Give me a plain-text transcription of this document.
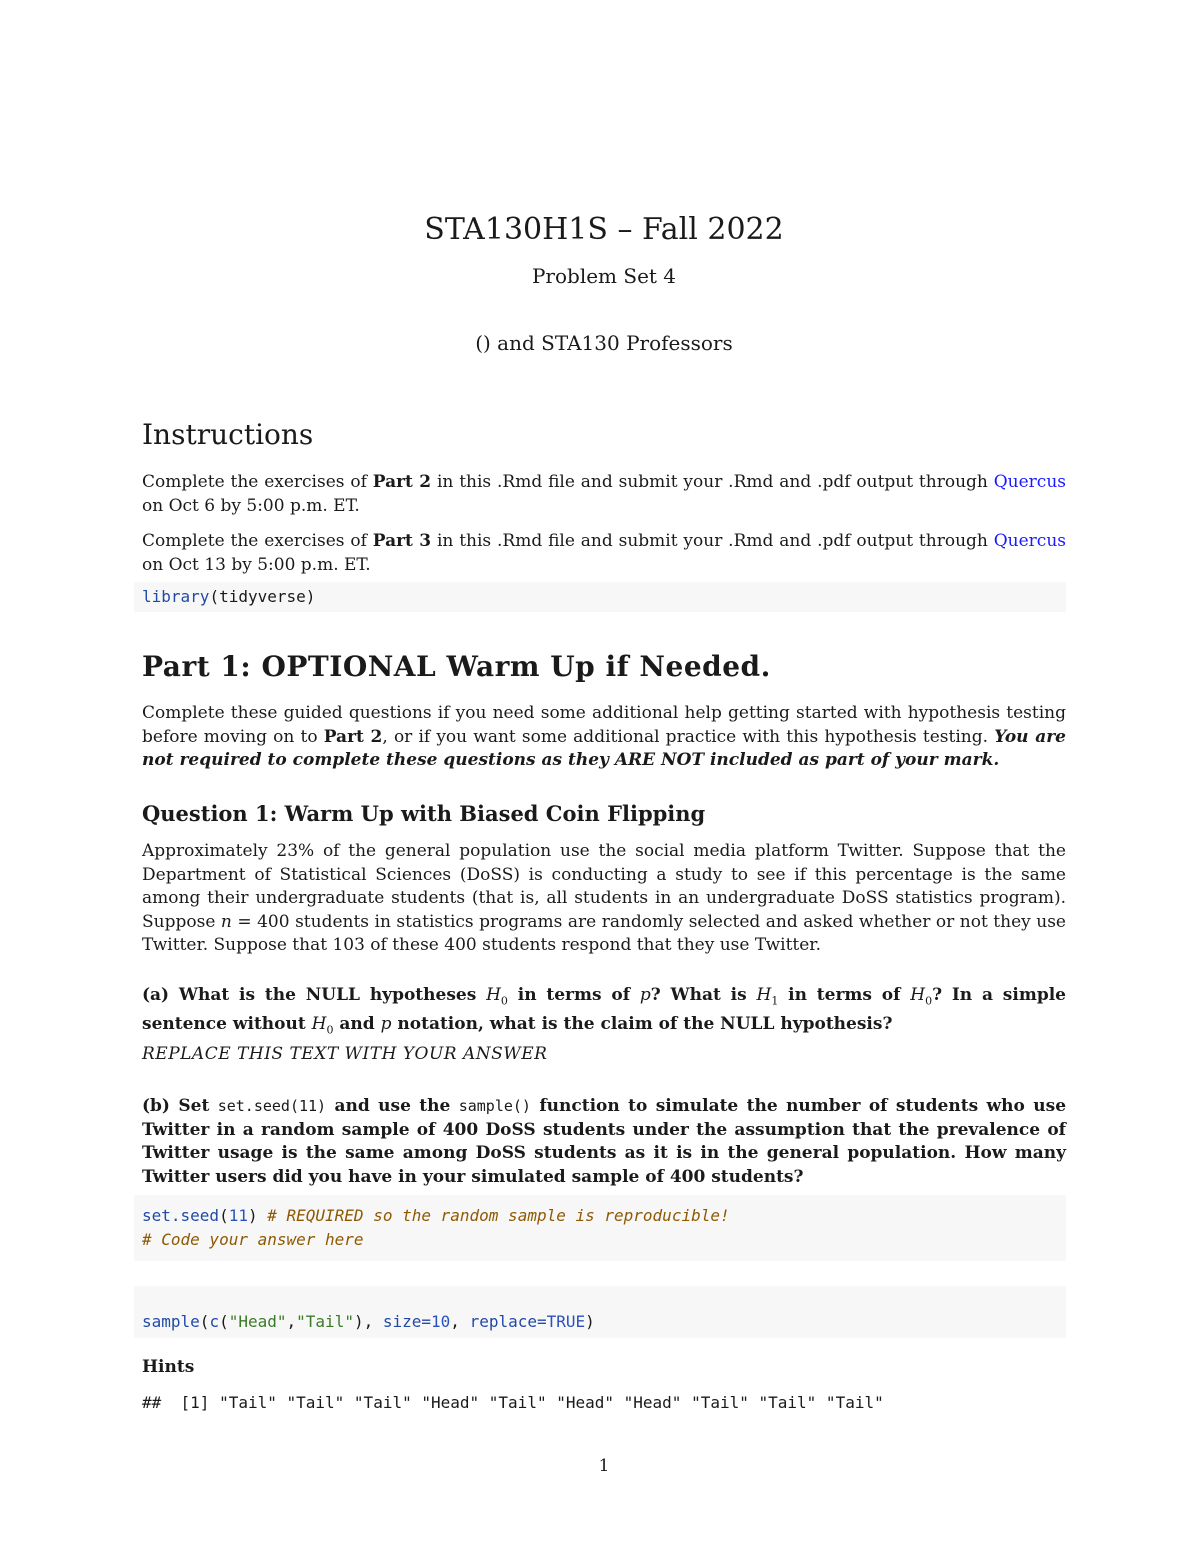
STA130H1S – Fall 2022
Problem Set 4
() and STA130 Professors
Instructions

Complete the exercises of Part 2 in this .Rmd file and submit your .Rmd and .pdf output through Quercus on Oct 6 by 5:00 p.m. ET.

Complete the exercises of Part 3 in this .Rmd file and submit your .Rmd and .pdf output through Quercus on Oct 13 by 5:00 p.m. ET.

library(tidyverse)
Part 1: OPTIONAL Warm Up if Needed.

Complete these guided questions if you need some additional help getting started with hypothesis testing before moving on to Part 2, or if you want some additional practice with this hypothesis testing. You are not required to complete these questions as they ARE NOT included as part of your mark.

Question 1: Warm Up with Biased Coin Flipping

Approximately 23% of the general population use the social media platform Twitter. Suppose that the Department of Statistical Sciences (DoSS) is conducting a study to see if this percentage is the same among their undergraduate students (that is, all students in an undergraduate DoSS statistics program). Suppose n = 400 students in statistics programs are randomly selected and asked whether or not they use Twitter. Suppose that 103 of these 400 students respond that they use Twitter.

(a) What is the NULL hypotheses $H_0$ in terms of p? What is $H_1$ in terms of $H_0$? In a simple sentence without $H_0$ and p notation, what is the claim of the NULL hypothesis?

REPLACE THIS TEXT WITH YOUR ANSWER

(b) Set set.seed(11) and use the sample() function to simulate the number of students who use Twitter in a random sample of 400 DoSS students under the assumption that the prevalence of Twitter usage is the same among DoSS students as it is in the general population. How many Twitter users did you have in your simulated sample of 400 students?

set.seed(11) # REQUIRED so the random sample is reproducible!
# Code your answer here
sample(c("Head","Tail"), size=10, replace=TRUE)
Hints
##  [1] "Tail" "Tail" "Tail" "Head" "Tail" "Head" "Head" "Tail" "Tail" "Tail"
1
